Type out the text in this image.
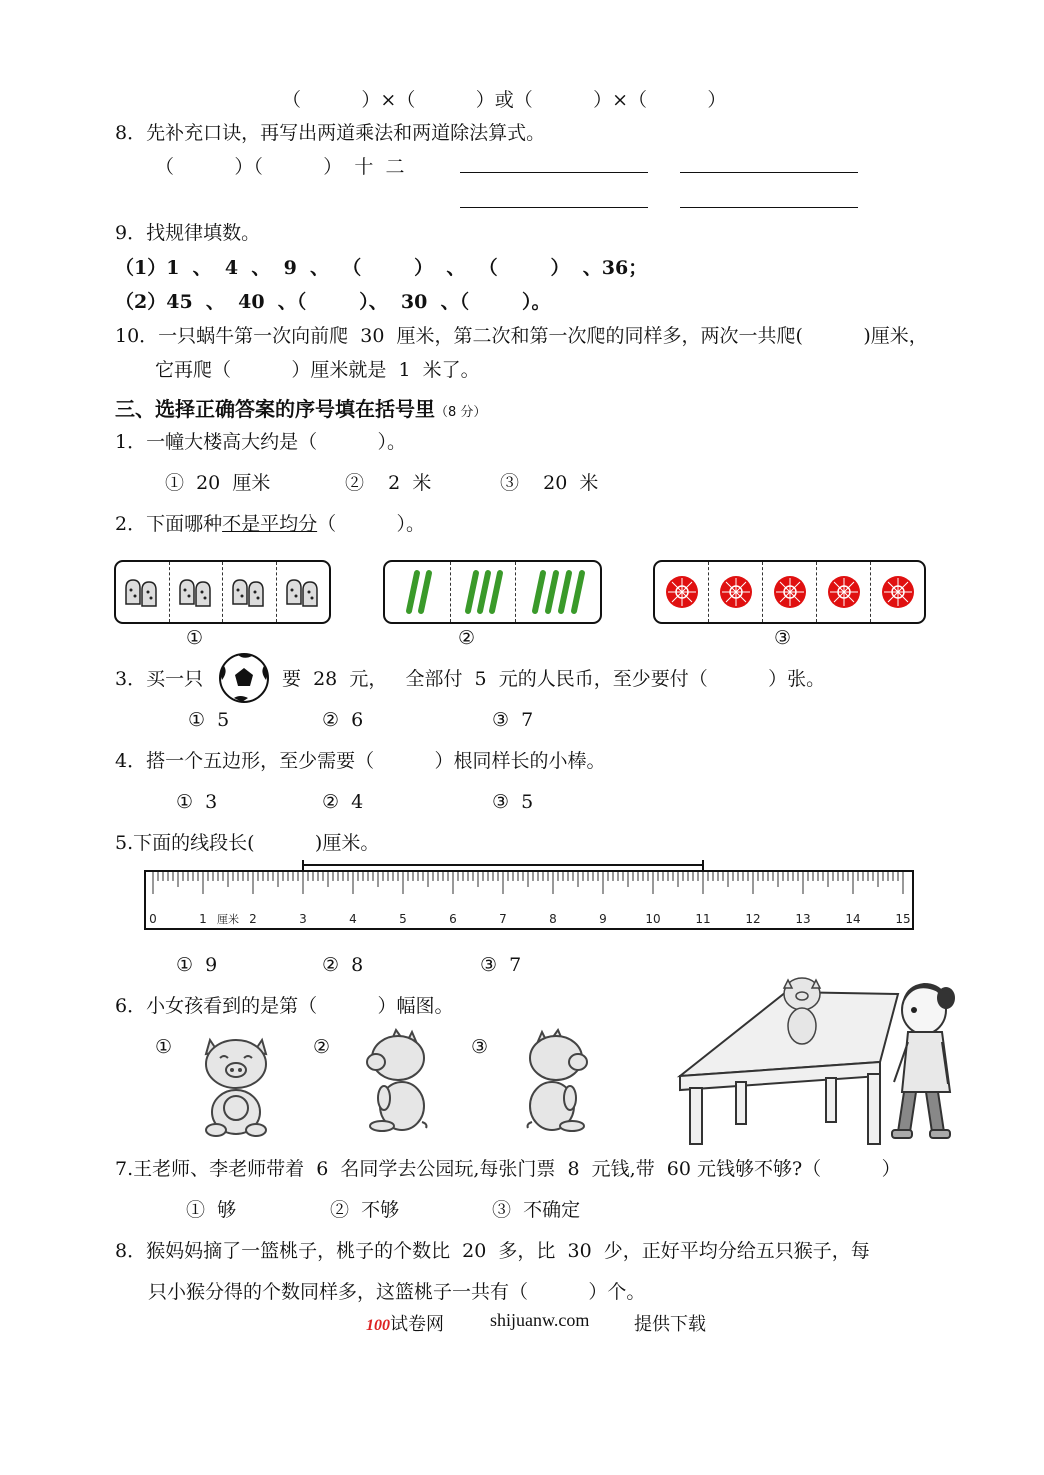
（          ）×（          ）或（          ）×（          ）
8．先补充口诀，再写出两道乘法和两道除法算式。
（          ）（          ）  十  二
9．找规律填数。
（1）1  、  4  、  9  、  （        ）  、  （        ）  、36；
（2）45  、  40  、（        ）、  30  、（        ）。
10．一只蜗牛第一次向前爬  30  厘米，第二次和第一次爬的同样多，两次一共爬(          )厘米，
它再爬（          ）厘米就是  1  米了。
三、选择正确答案的序号填在括号里（8 分）
1．一幢大楼高大约是（          ）。
①  20  厘米	②    2  米	③    20  米
2．下面哪种不是平均分（          ）。
①	②	③
3．买一只	要  28  元，   全部付  5  元的人民币，至少要付（          ）张。
①  5	②  6	③  7
4．搭一个五边形，至少需要（          ）根同样长的小棒。
①  3	②  4	③  5
5.下面的线段长(          )厘米。
0	1	2	3	4	5	6	7	8	9	10	11	12	13	14	15
厘米
①  9	②  8	③  7
6．小女孩看到的是第（          ）幅图。
①	②	③
7.王老师、李老师带着  6  名同学去公园玩,每张门票  8  元钱,带  60 元钱够不够?（          ）
①  够	②  不够	③  不确定
8．猴妈妈摘了一篮桃子，桃子的个数比  20  多，比  30  少，正好平均分给五只猴子，每
只小猴分得的个数同样多，这篮桃子一共有（          ）个。
100试卷网	shijuanw.com 提供下载
